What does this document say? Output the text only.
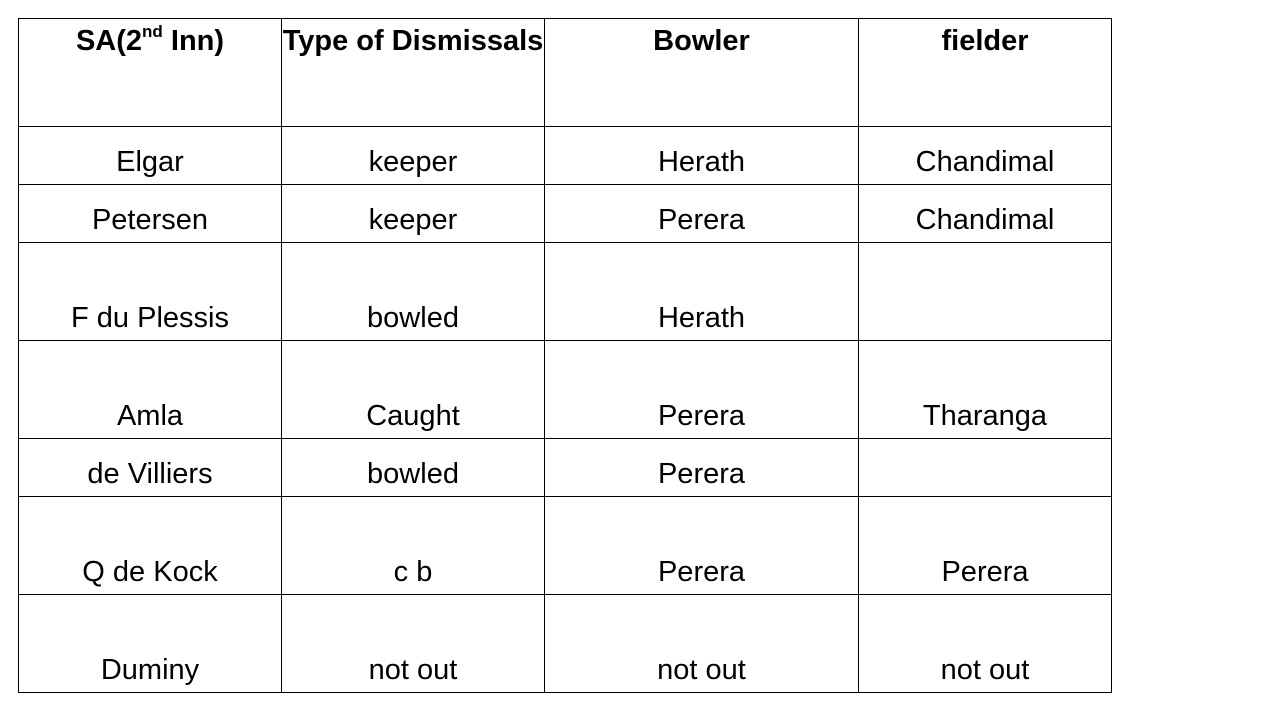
SA(2nd Inn)	Type of Dismissals	Bowler	fielder
Elgar	keeper	Herath	Chandimal
Petersen	keeper	Perera	Chandimal
F du Plessis	bowled	Herath	
Amla	Caught	Perera	Tharanga
de Villiers	bowled	Perera	
Q de Kock	c b	Perera	Perera
Duminy	not out	not out	not out
